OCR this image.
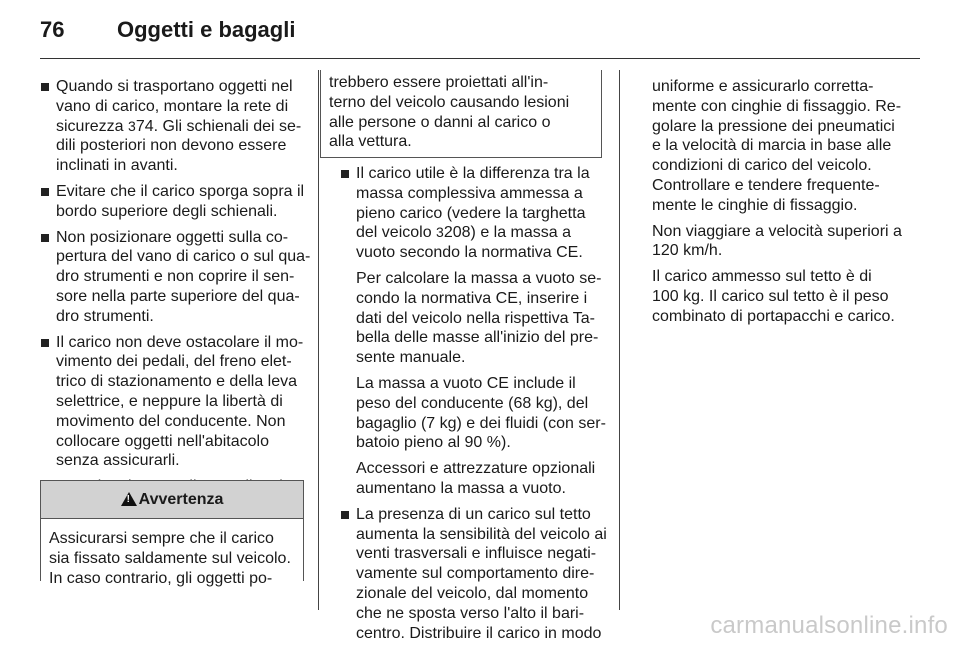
76 Oggetti e bagagli
Quando si trasportano oggetti nel
vano di carico, montare la rete di
sicurezza 374. Gli schienali dei se-
dili posteriori non devono essere
inclinati in avanti.
Evitare che il carico sporga sopra il
bordo superiore degli schienali.
Non posizionare oggetti sulla co-
pertura del vano di carico o sul qua-
dro strumenti e non coprire il sen-
sore nella parte superiore del qua-
dro strumenti.
Il carico non deve ostacolare il mo-
vimento dei pedali, del freno elet-
trico di stazionamento e della leva
selettrice, e neppure la libertà di
movimento del conducente. Non
collocare oggetti nell'abitacolo
senza assicurarli.
!
Avvertenza
Assicurarsi sempre che il carico
sia fissato saldamente sul veicolo.
In caso contrario, gli oggetti po-
trebbero essere proiettati all'in-
terno del veicolo causando lesioni
alle persone o danni al carico o
alla vettura.
Il carico utile è la differenza tra la
massa complessiva ammessa a
pieno carico (vedere la targhetta
del veicolo 3208) e la massa a
vuoto secondo la normativa CE.
Per calcolare la massa a vuoto se-
condo la normativa CE, inserire i
dati del veicolo nella rispettiva Ta-
bella delle masse all'inizio del pre-
sente manuale.
La massa a vuoto CE include il
peso del conducente (68 kg), del
bagaglio (7 kg) e dei fluidi (con ser-
batoio pieno al 90 %).
Accessori e attrezzature opzionali
aumentano la massa a vuoto.
La presenza di un carico sul tetto
aumenta la sensibilità del veicolo ai
venti trasversali e influisce negati-
vamente sul comportamento dire-
zionale del veicolo, dal momento
che ne sposta verso l'alto il bari-
centro. Distribuire il carico in modo
uniforme e assicurarlo corretta-
mente con cinghie di fissaggio. Re-
golare la pressione dei pneumatici
e la velocità di marcia in base alle
condizioni di carico del veicolo.
Controllare e tendere frequente-
mente le cinghie di fissaggio.
Non viaggiare a velocità superiori a
120 km/h.
Il carico ammesso sul tetto è di
100 kg. Il carico sul tetto è il peso
combinato di portapacchi e carico.
carmanualsonline.info
